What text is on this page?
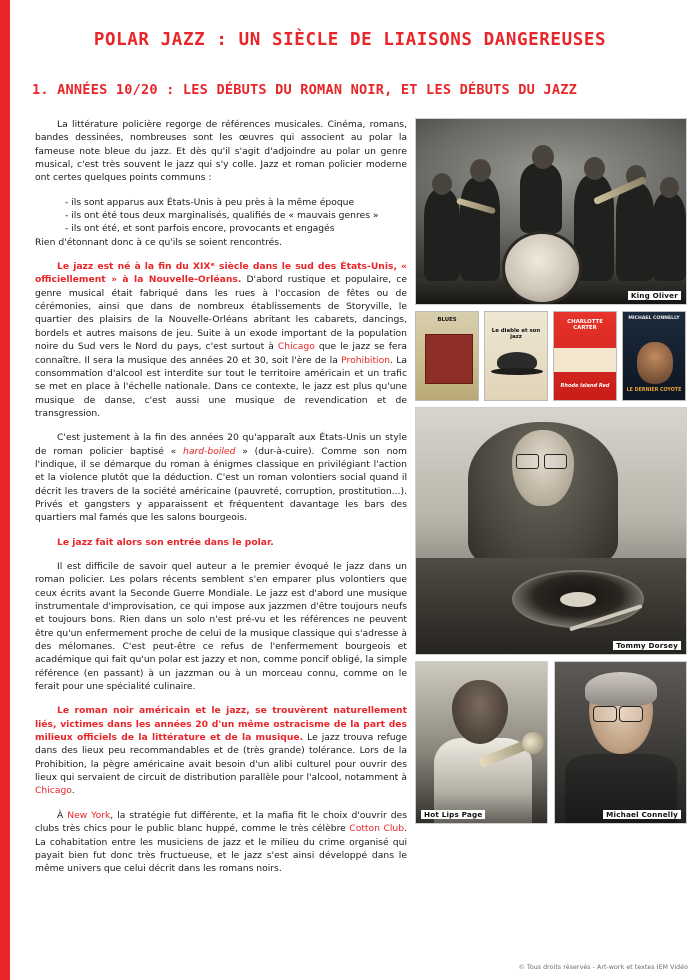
POLAR JAZZ : UN SIÈCLE DE LIAISONS DANGEREUSES
1. ANNÉES 10/20 : LES DÉBUTS DU ROMAN NOIR, ET LES DÉBUTS DU JAZZ

La littérature policière regorge de références musicales. Cinéma, romans, bandes dessinées, nombreuses sont les œuvres qui associent au polar la fameuse note bleue du jazz. Et dès qu'il s'agit d'adjoindre au polar un genre musical, c'est très souvent le jazz qui s'y colle. Jazz et roman policier moderne ont certes quelques points communs :

- ils sont apparus aux États-Unis à peu près à la même époque

- ils ont été tous deux marginalisés, qualifiés de « mauvais genres »

- ils ont été, et sont parfois encore, provocants et engagés

Rien d'étonnant donc à ce qu'ils se soient rencontrés.

Le jazz est né à la fin du XIXᵉ siècle dans le sud des États-Unis, « officiellement » à la Nouvelle-Orléans. D'abord rustique et populaire, ce genre musical était fabriqué dans les rues à l'occasion de fêtes ou de cérémonies, ainsi que dans de nombreux établissements de Storyville, le quartier des plaisirs de la Nouvelle-Orléans abritant les cabarets, dancings, bordels et autres maisons de jeu. Suite à un exode important de la population noire du Sud vers le Nord du pays, c'est surtout à Chicago que le jazz se fera connaître. Il sera la musique des années 20 et 30, soit l'ère de la Prohibition. La consommation d'alcool est interdite sur tout le territoire américain et un trafic se met en place à l'échelle nationale. Dans ce contexte, le jazz est plus qu'une musique de danse, c'est aussi une musique de revendication et de transgression.

C'est justement à la fin des années 20 qu'apparaît aux États-Unis un style de roman policier baptisé « hard-boiled » (dur-à-cuire). Comme son nom l'indique, il se démarque du roman à énigmes classique en privilégiant l'action et la violence plutôt que la déduction. C'est un roman volontiers social quand il décrit les travers de la société américaine (pauvreté, corruption, prostitution...). Privés et gangsters y apparaissent et fréquentent davantage les bars des quartiers mal famés que les salons bourgeois.

Le jazz fait alors son entrée dans le polar.

Il est difficile de savoir quel auteur a le premier évoqué le jazz dans un roman policier. Les polars récents semblent s'en emparer plus volontiers que ceux écrits avant la Seconde Guerre Mondiale. Le jazz est d'abord une musique instrumentale d'improvisation, ce qui impose aux jazzmen d'être toujours neufs et toujours bons. Rien dans un solo n'est pré-vu et les références ne peuvent être qu'un enfermement proche de celui de la musique classique qui s'adresse à des mélomanes. C'est peut-être ce refus de l'enfermement bourgeois et académique qui fait qu'un polar est jazzy et non, comme poncif obligé, la simple référence (en passant) à un jazzman ou à un morceau connu, comme on le ferait pour une spécialité culinaire.

Le roman noir américain et le jazz, se trouvèrent naturellement liés, victimes dans les années 20 d'un même ostracisme de la part des milieux officiels de la littérature et de la musique. Le jazz trouva refuge dans des lieux peu recommandables et de (très grande) tolérance. Lors de la Prohibition, la pègre américaine avait besoin d'un alibi culturel pour ouvrir des lieux qui servaient de circuit de distribution parallèle pour l'alcool, notamment à Chicago.

À New York, la stratégie fut différente, et la mafia fit le choix d'ouvrir des clubs très chics pour le public blanc huppé, comme le très célèbre Cotton Club. La cohabitation entre les musiciens de jazz et le milieu du crime organisé qui payait bien fut donc très fructueuse, et le jazz s'est ainsi développé dans le même univers que celui décrit dans les romans noirs.

King Oliver
BLUES
Le diable et son jazz
CHARLOTTE CARTER
Rhode Island Red
MICHAEL CONNELLY
LE DERNIER COYOTE
Tommy Dorsey
Hot Lips Page	Michael Connelly
© Tous droits réservés - Art-work et textes IEM Vidéo
